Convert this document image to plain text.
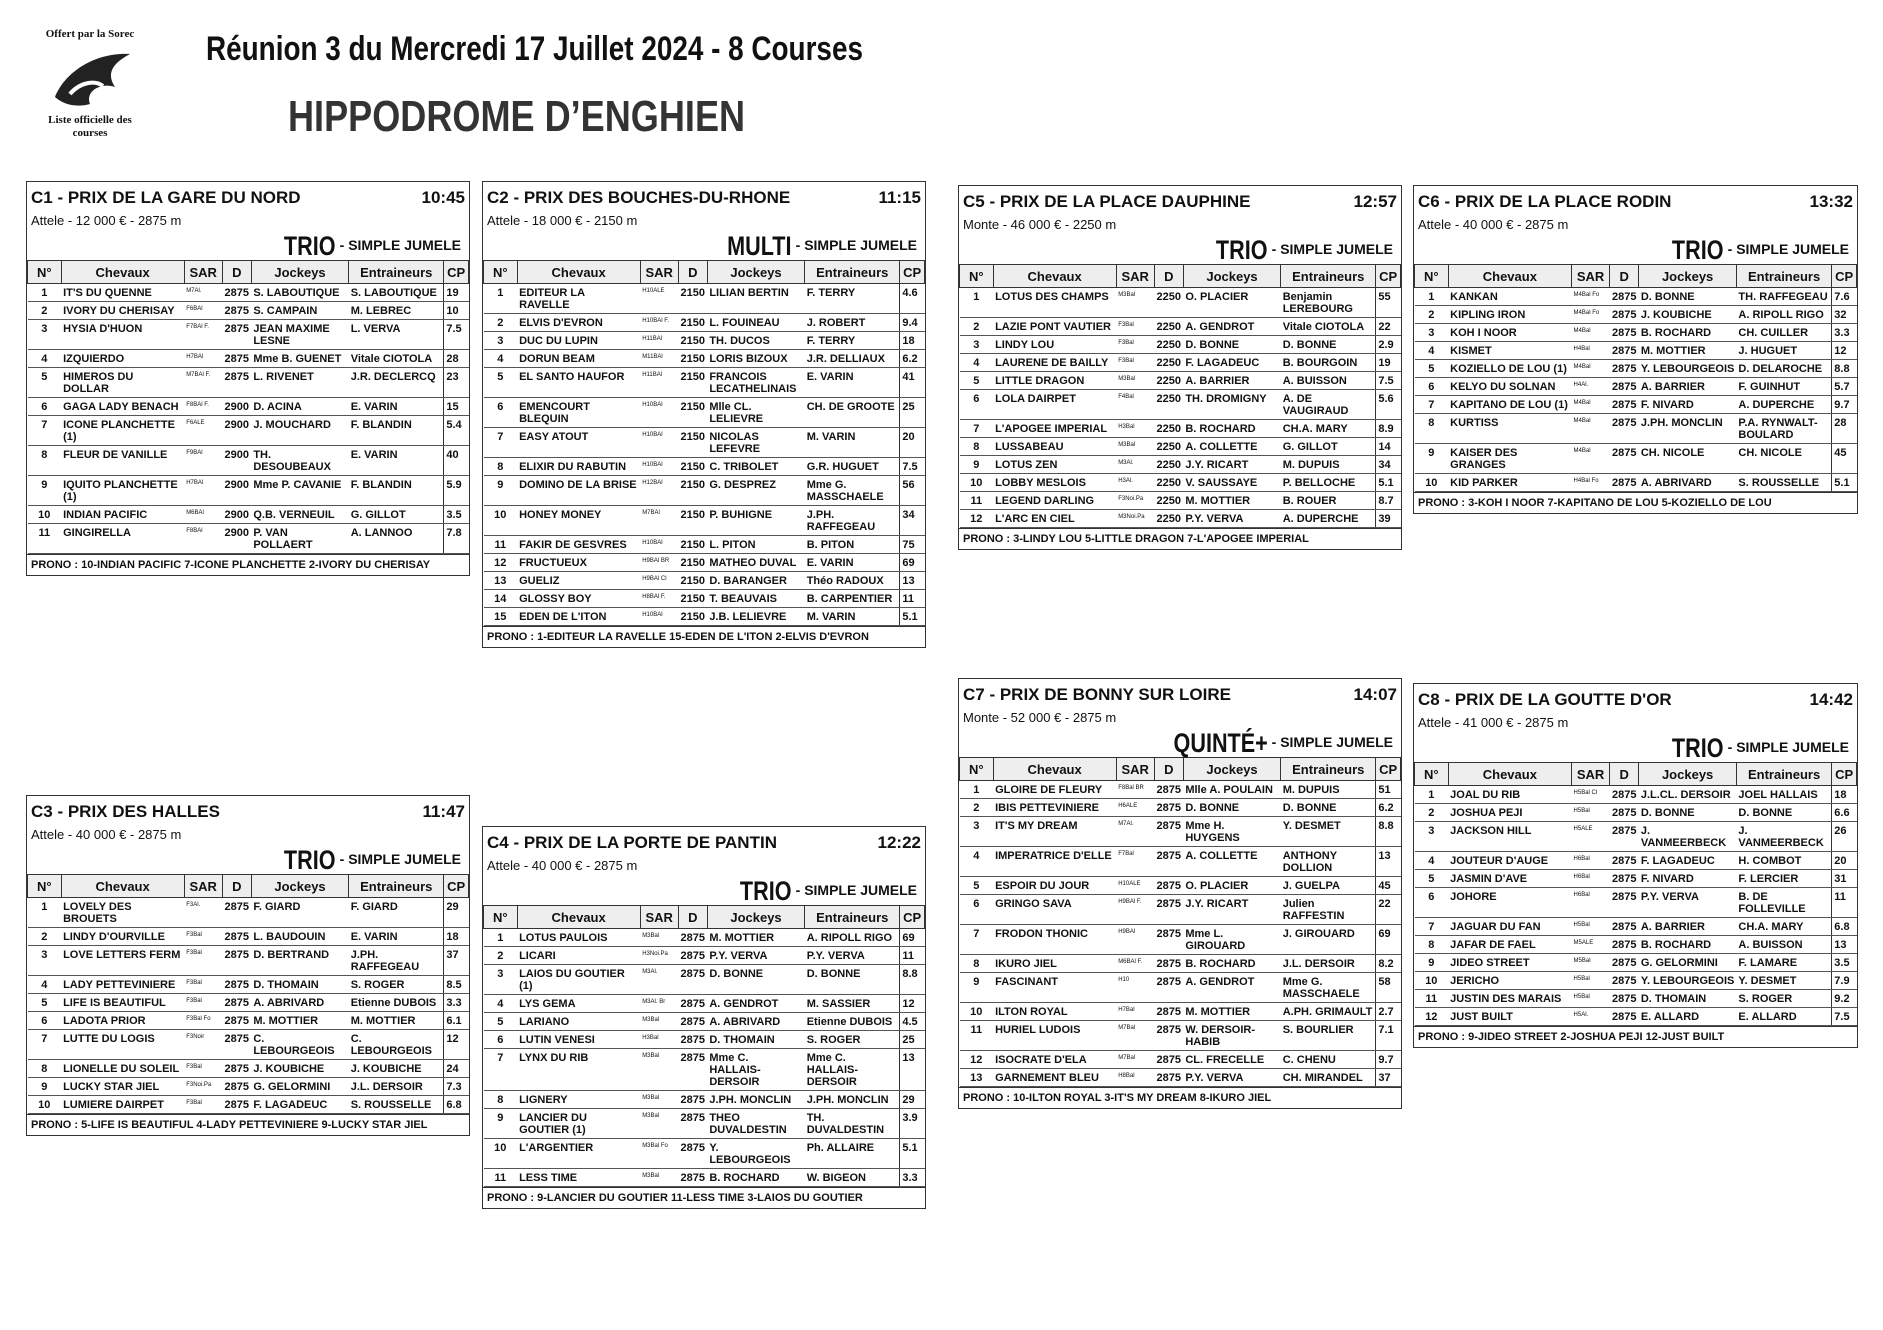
Offert par la Sorec
Liste officielle des courses
Réunion 3 du Mercredi 17 Juillet 2024 - 8 Courses
HIPPODROME D’ENGHIEN
C1 - PRIX DE LA GARE DU NORD	10:45
Attele - 12 000 € - 2875 m
TRIO - SIMPLE JUMELE
N°	Chevaux	SAR	D	Jockeys	Entraineurs	CP
1	IT'S DU QUENNE	M7Al.	2875	S. LABOUTIQUE	S. LABOUTIQUE	19
2	IVORY DU CHERISAY	F6BAl	2875	S. CAMPAIN	M. LEBREC	10
3	HYSIA D'HUON	F7BAl F.	2875	JEAN MAXIME LESNE	L. VERVA	7.5
4	IZQUIERDO	H7BAl	2875	Mme B. GUENET	Vitale CIOTOLA	28
5	HIMEROS DU DOLLAR	M7BAl F.	2875	L. RIVENET	J.R. DECLERCQ	23
6	GAGA LADY BENACH	F8BAl F.	2900	D. ACINA	E. VARIN	15
7	ICONE PLANCHETTE (1)	F6ALE	2900	J. MOUCHARD	F. BLANDIN	5.4
8	FLEUR DE VANILLE	F9BAl	2900	TH. DESOUBEAUX	E. VARIN	40
9	IQUITO PLANCHETTE (1)	H7BAl	2900	Mme P. CAVANIE	F. BLANDIN	5.9
10	INDIAN PACIFIC	M6BAl	2900	Q.B. VERNEUIL	G. GILLOT	3.5
11	GINGIRELLA	F8BAl	2900	P. VAN POLLAERT	A. LANNOO	7.8
PRONO : 10-INDIAN PACIFIC 7-ICONE PLANCHETTE 2-IVORY DU CHERISAY
C2 - PRIX DES BOUCHES-DU-RHONE	11:15
Attele - 18 000 € - 2150 m
MULTI - SIMPLE JUMELE
N°	Chevaux	SAR	D	Jockeys	Entraineurs	CP
1	EDITEUR LA RAVELLE	H10ALE	2150	LILIAN BERTIN	F. TERRY	4.6
2	ELVIS D'EVRON	H10BAl F.	2150	L. FOUINEAU	J. ROBERT	9.4
3	DUC DU LUPIN	H11BAl	2150	TH. DUCOS	F. TERRY	18
4	DORUN BEAM	M11BAl	2150	LORIS BIZOUX	J.R. DELLIAUX	6.2
5	EL SANTO HAUFOR	H11BAl	2150	FRANCOIS LECATHELINAIS	E. VARIN	41
6	EMENCOURT BLEQUIN	H10BAl	2150	Mlle CL. LELIEVRE	CH. DE GROOTE	25
7	EASY ATOUT	H10BAl	2150	NICOLAS LEFEVRE	M. VARIN	20
8	ELIXIR DU RABUTIN	H10BAl	2150	C. TRIBOLET	G.R. HUGUET	7.5
9	DOMINO DE LA BRISE	H12BAl	2150	G. DESPREZ	Mme G. MASSCHAELE	56
10	HONEY MONEY	M7BAl	2150	P. BUHIGNE	J.PH. RAFFEGEAU	34
11	FAKIR DE GESVRES	H10BAl	2150	L. PITON	B. PITON	75
12	FRUCTUEUX	H9BAl BR	2150	MATHEO DUVAL	E. VARIN	69
13	GUELIZ	H9BAl Cl	2150	D. BARANGER	Théo RADOUX	13
14	GLOSSY BOY	H8BAl F.	2150	T. BEAUVAIS	B. CARPENTIER	11
15	EDEN DE L'ITON	H10BAl	2150	J.B. LELIEVRE	M. VARIN	5.1
PRONO : 1-EDITEUR LA RAVELLE 15-EDEN DE L'ITON 2-ELVIS D'EVRON
C3 - PRIX DES HALLES	11:47
Attele - 40 000 € - 2875 m
TRIO - SIMPLE JUMELE
N°	Chevaux	SAR	D	Jockeys	Entraineurs	CP
1	LOVELY DES BROUETS	F3Al.	2875	F. GIARD	F. GIARD	29
2	LINDY D'OURVILLE	F3Bal	2875	L. BAUDOUIN	E. VARIN	18
3	LOVE LETTERS FERM	F3Bal	2875	D. BERTRAND	J.PH. RAFFEGEAU	37
4	LADY PETTEVINIERE	F3Bal	2875	D. THOMAIN	S. ROGER	8.5
5	LIFE IS BEAUTIFUL	F3Bal	2875	A. ABRIVARD	Etienne DUBOIS	3.3
6	LADOTA PRIOR	F3Bal Fo	2875	M. MOTTIER	M. MOTTIER	6.1
7	LUTTE DU LOGIS	F3Noir	2875	C. LEBOURGEOIS	C. LEBOURGEOIS	12
8	LIONELLE DU SOLEIL	F3Bal	2875	J. KOUBICHE	J. KOUBICHE	24
9	LUCKY STAR JIEL	F3Noi.Pa	2875	G. GELORMINI	J.L. DERSOIR	7.3
10	LUMIERE DAIRPET	F3Bal	2875	F. LAGADEUC	S. ROUSSELLE	6.8
PRONO : 5-LIFE IS BEAUTIFUL 4-LADY PETTEVINIERE 9-LUCKY STAR JIEL
C4 - PRIX DE LA PORTE DE PANTIN	12:22
Attele - 40 000 € - 2875 m
TRIO - SIMPLE JUMELE
N°	Chevaux	SAR	D	Jockeys	Entraineurs	CP
1	LOTUS PAULOIS	M3Bal	2875	M. MOTTIER	A. RIPOLL RIGO	69
2	LICARI	H3Noi.Pa	2875	P.Y. VERVA	P.Y. VERVA	11
3	LAIOS DU GOUTIER (1)	M3Al.	2875	D. BONNE	D. BONNE	8.8
4	LYS GEMA	M3Al. Br	2875	A. GENDROT	M. SASSIER	12
5	LARIANO	M3Bal	2875	A. ABRIVARD	Etienne DUBOIS	4.5
6	LUTIN VENESI	H3Bal	2875	D. THOMAIN	S. ROGER	25
7	LYNX DU RIB	M3Bal	2875	Mme C. HALLAIS-DERSOIR	Mme C. HALLAIS-DERSOIR	13
8	LIGNERY	M3Bal	2875	J.PH. MONCLIN	J.PH. MONCLIN	29
9	LANCIER DU GOUTIER (1)	M3Bal	2875	THEO DUVALDESTIN	TH. DUVALDESTIN	3.9
10	L'ARGENTIER	M3Bal Fo	2875	Y. LEBOURGEOIS	Ph. ALLAIRE	5.1
11	LESS TIME	M3Bal	2875	B. ROCHARD	W. BIGEON	3.3
PRONO : 9-LANCIER DU GOUTIER 11-LESS TIME 3-LAIOS DU GOUTIER
C5 - PRIX DE LA PLACE DAUPHINE	12:57
Monte - 46 000 € - 2250 m
TRIO - SIMPLE JUMELE
N°	Chevaux	SAR	D	Jockeys	Entraineurs	CP
1	LOTUS DES CHAMPS	M3Bal	2250	O. PLACIER	Benjamin LEREBOURG	55
2	LAZIE PONT VAUTIER	F3Bal	2250	A. GENDROT	Vitale CIOTOLA	22
3	LINDY LOU	F3Bal	2250	D. BONNE	D. BONNE	2.9
4	LAURENE DE BAILLY	F3Bal	2250	F. LAGADEUC	B. BOURGOIN	19
5	LITTLE DRAGON	M3Bal	2250	A. BARRIER	A. BUISSON	7.5
6	LOLA DAIRPET	F4Bal	2250	TH. DROMIGNY	A. DE VAUGIRAUD	5.6
7	L'APOGEE IMPERIAL	H3Bal	2250	B. ROCHARD	CH.A. MARY	8.9
8	LUSSABEAU	M3Bal	2250	A. COLLETTE	G. GILLOT	14
9	LOTUS ZEN	M3Al.	2250	J.Y. RICART	M. DUPUIS	34
10	LOBBY MESLOIS	H3Al.	2250	V. SAUSSAYE	P. BELLOCHE	5.1
11	LEGEND DARLING	F3Noi.Pa	2250	M. MOTTIER	B. ROUER	8.7
12	L'ARC EN CIEL	M3Noi.Pa	2250	P.Y. VERVA	A. DUPERCHE	39
PRONO : 3-LINDY LOU 5-LITTLE DRAGON 7-L'APOGEE IMPERIAL
C6 - PRIX DE LA PLACE RODIN	13:32
Attele - 40 000 € - 2875 m
TRIO - SIMPLE JUMELE
N°	Chevaux	SAR	D	Jockeys	Entraineurs	CP
1	KANKAN	M4Bal Fo	2875	D. BONNE	TH. RAFFEGEAU	7.6
2	KIPLING IRON	M4Bal Fo	2875	J. KOUBICHE	A. RIPOLL RIGO	32
3	KOH I NOOR	M4Bal	2875	B. ROCHARD	CH. CUILLER	3.3
4	KISMET	H4Bal	2875	M. MOTTIER	J. HUGUET	12
5	KOZIELLO DE LOU (1)	M4Bal	2875	Y. LEBOURGEOIS	D. DELAROCHE	8.8
6	KELYO DU SOLNAN	H4Al.	2875	A. BARRIER	F. GUINHUT	5.7
7	KAPITANO DE LOU (1)	M4Bal	2875	F. NIVARD	A. DUPERCHE	9.7
8	KURTISS	M4Bal	2875	J.PH. MONCLIN	P.A. RYNWALT-BOULARD	28
9	KAISER DES GRANGES	M4Bal	2875	CH. NICOLE	CH. NICOLE	45
10	KID PARKER	H4Bal Fo	2875	A. ABRIVARD	S. ROUSSELLE	5.1
PRONO : 3-KOH I NOOR 7-KAPITANO DE LOU 5-KOZIELLO DE LOU
C7 - PRIX DE BONNY SUR LOIRE	14:07
Monte - 52 000 € - 2875 m
QUINTÉ+ - SIMPLE JUMELE
N°	Chevaux	SAR	D	Jockeys	Entraineurs	CP
1	GLOIRE DE FLEURY	F8Bal BR	2875	Mlle A. POULAIN	M. DUPUIS	51
2	IBIS PETTEVINIERE	H6ALE	2875	D. BONNE	D. BONNE	6.2
3	IT'S MY DREAM	M7Al.	2875	Mme H. HUYGENS	Y. DESMET	8.8
4	IMPERATRICE D'ELLE	F7Bal	2875	A. COLLETTE	ANTHONY DOLLION	13
5	ESPOIR DU JOUR	H10ALE	2875	O. PLACIER	J. GUELPA	45
6	GRINGO SAVA	H9BAl F.	2875	J.Y. RICART	Julien RAFFESTIN	22
7	FRODON THONIC	H9BAl	2875	Mme L. GIROUARD	J. GIROUARD	69
8	IKURO JIEL	M6BAl F.	2875	B. ROCHARD	J.L. DERSOIR	8.2
9	FASCINANT	H10	2875	A. GENDROT	Mme G. MASSCHAELE	58
10	ILTON ROYAL	H7Bal	2875	M. MOTTIER	A.PH. GRIMAULT	2.7
11	HURIEL LUDOIS	M7Bal	2875	W. DERSOIR-HABIB	S. BOURLIER	7.1
12	ISOCRATE D'ELA	M7Bal	2875	CL. FRECELLE	C. CHENU	9.7
13	GARNEMENT BLEU	H8Bal	2875	P.Y. VERVA	CH. MIRANDEL	37
PRONO : 10-ILTON ROYAL 3-IT'S MY DREAM 8-IKURO JIEL
C8 - PRIX DE LA GOUTTE D'OR	14:42
Attele - 41 000 € - 2875 m
TRIO - SIMPLE JUMELE
N°	Chevaux	SAR	D	Jockeys	Entraineurs	CP
1	JOAL DU RIB	H5Bal Cl	2875	J.L.CL. DERSOIR	JOEL HALLAIS	18
2	JOSHUA PEJI	H5Bal	2875	D. BONNE	D. BONNE	6.6
3	JACKSON HILL	H5ALE	2875	J. VANMEERBECK	J. VANMEERBECK	26
4	JOUTEUR D'AUGE	H6Bal	2875	F. LAGADEUC	H. COMBOT	20
5	JASMIN D'AVE	H6Bal	2875	F. NIVARD	F. LERCIER	31
6	JOHORE	H6Bal	2875	P.Y. VERVA	B. DE FOLLEVILLE	11
7	JAGUAR DU FAN	H5Bal	2875	A. BARRIER	CH.A. MARY	6.8
8	JAFAR DE FAEL	M5ALE	2875	B. ROCHARD	A. BUISSON	13
9	JIDEO STREET	M5Bal	2875	G. GELORMINI	F. LAMARE	3.5
10	JERICHO	H5Bal	2875	Y. LEBOURGEOIS	Y. DESMET	7.9
11	JUSTIN DES MARAIS	H5Bal	2875	D. THOMAIN	S. ROGER	9.2
12	JUST BUILT	H5Al.	2875	E. ALLARD	E. ALLARD	7.5
PRONO : 9-JIDEO STREET 2-JOSHUA PEJI 12-JUST BUILT
